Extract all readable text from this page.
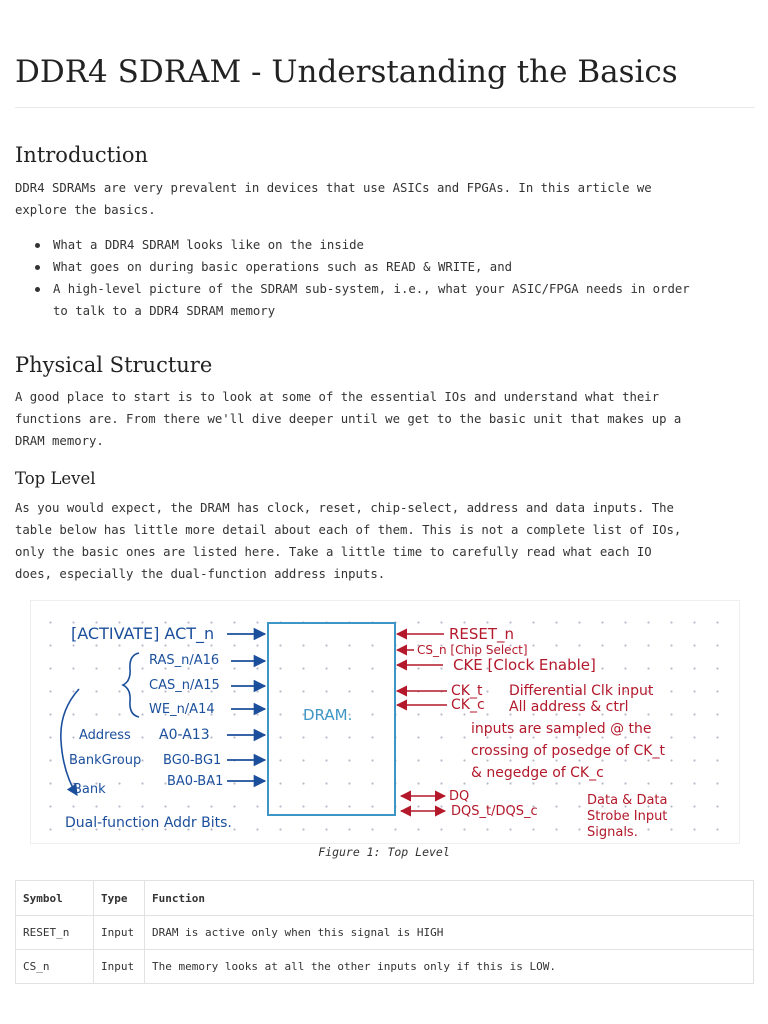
DDR4 SDRAM - Understanding the Basics
Introduction

DDR4 SDRAMs are very prevalent in devices that use ASICs and FPGAs. In this article we

explore the basics.

What a DDR4 SDRAM looks like on the inside
What goes on during basic operations such as READ & WRITE, and
A high-level picture of the SDRAM sub-system, i.e., what your ASIC/FPGA needs in order
to talk to a DDR4 SDRAM memory
Physical Structure

A good place to start is to look at some of the essential IOs and understand what their
functions are. From there we'll dive deeper until we get to the basic unit that makes up a
DRAM memory.

Top Level

As you would expect, the DRAM has clock, reset, chip-select, address and data inputs. The
table below has little more detail about each of them. This is not a complete list of IOs,
only the basic ones are listed here. Take a little time to carefully read what each IO
does, especially the dual-function address inputs.

DRAM.
[ACTIVATE] ACT_n
RAS_n/A16
CAS_n/A15
WE_n/A14
Address A0-A13
BankGroup BG0-BG1
Bank
BA0-BA1
Dual-function Addr Bits.
RESET_n
CS_n [Chip Select]
CKE [Clock Enable]
CK_t
CK_c
Differential Clk input
All address & ctrl
inputs are sampled @ the
crossing of posedge of CK_t
& negedge of CK_c
DQ
DQS_t/DQS_c
Data & Data
Strobe Input
Signals.
Figure 1: Top Level
Symbol	Type	Function
RESET_n	Input	DRAM is active only when this signal is HIGH
CS_n	Input	The memory looks at all the other inputs only if this is LOW.
